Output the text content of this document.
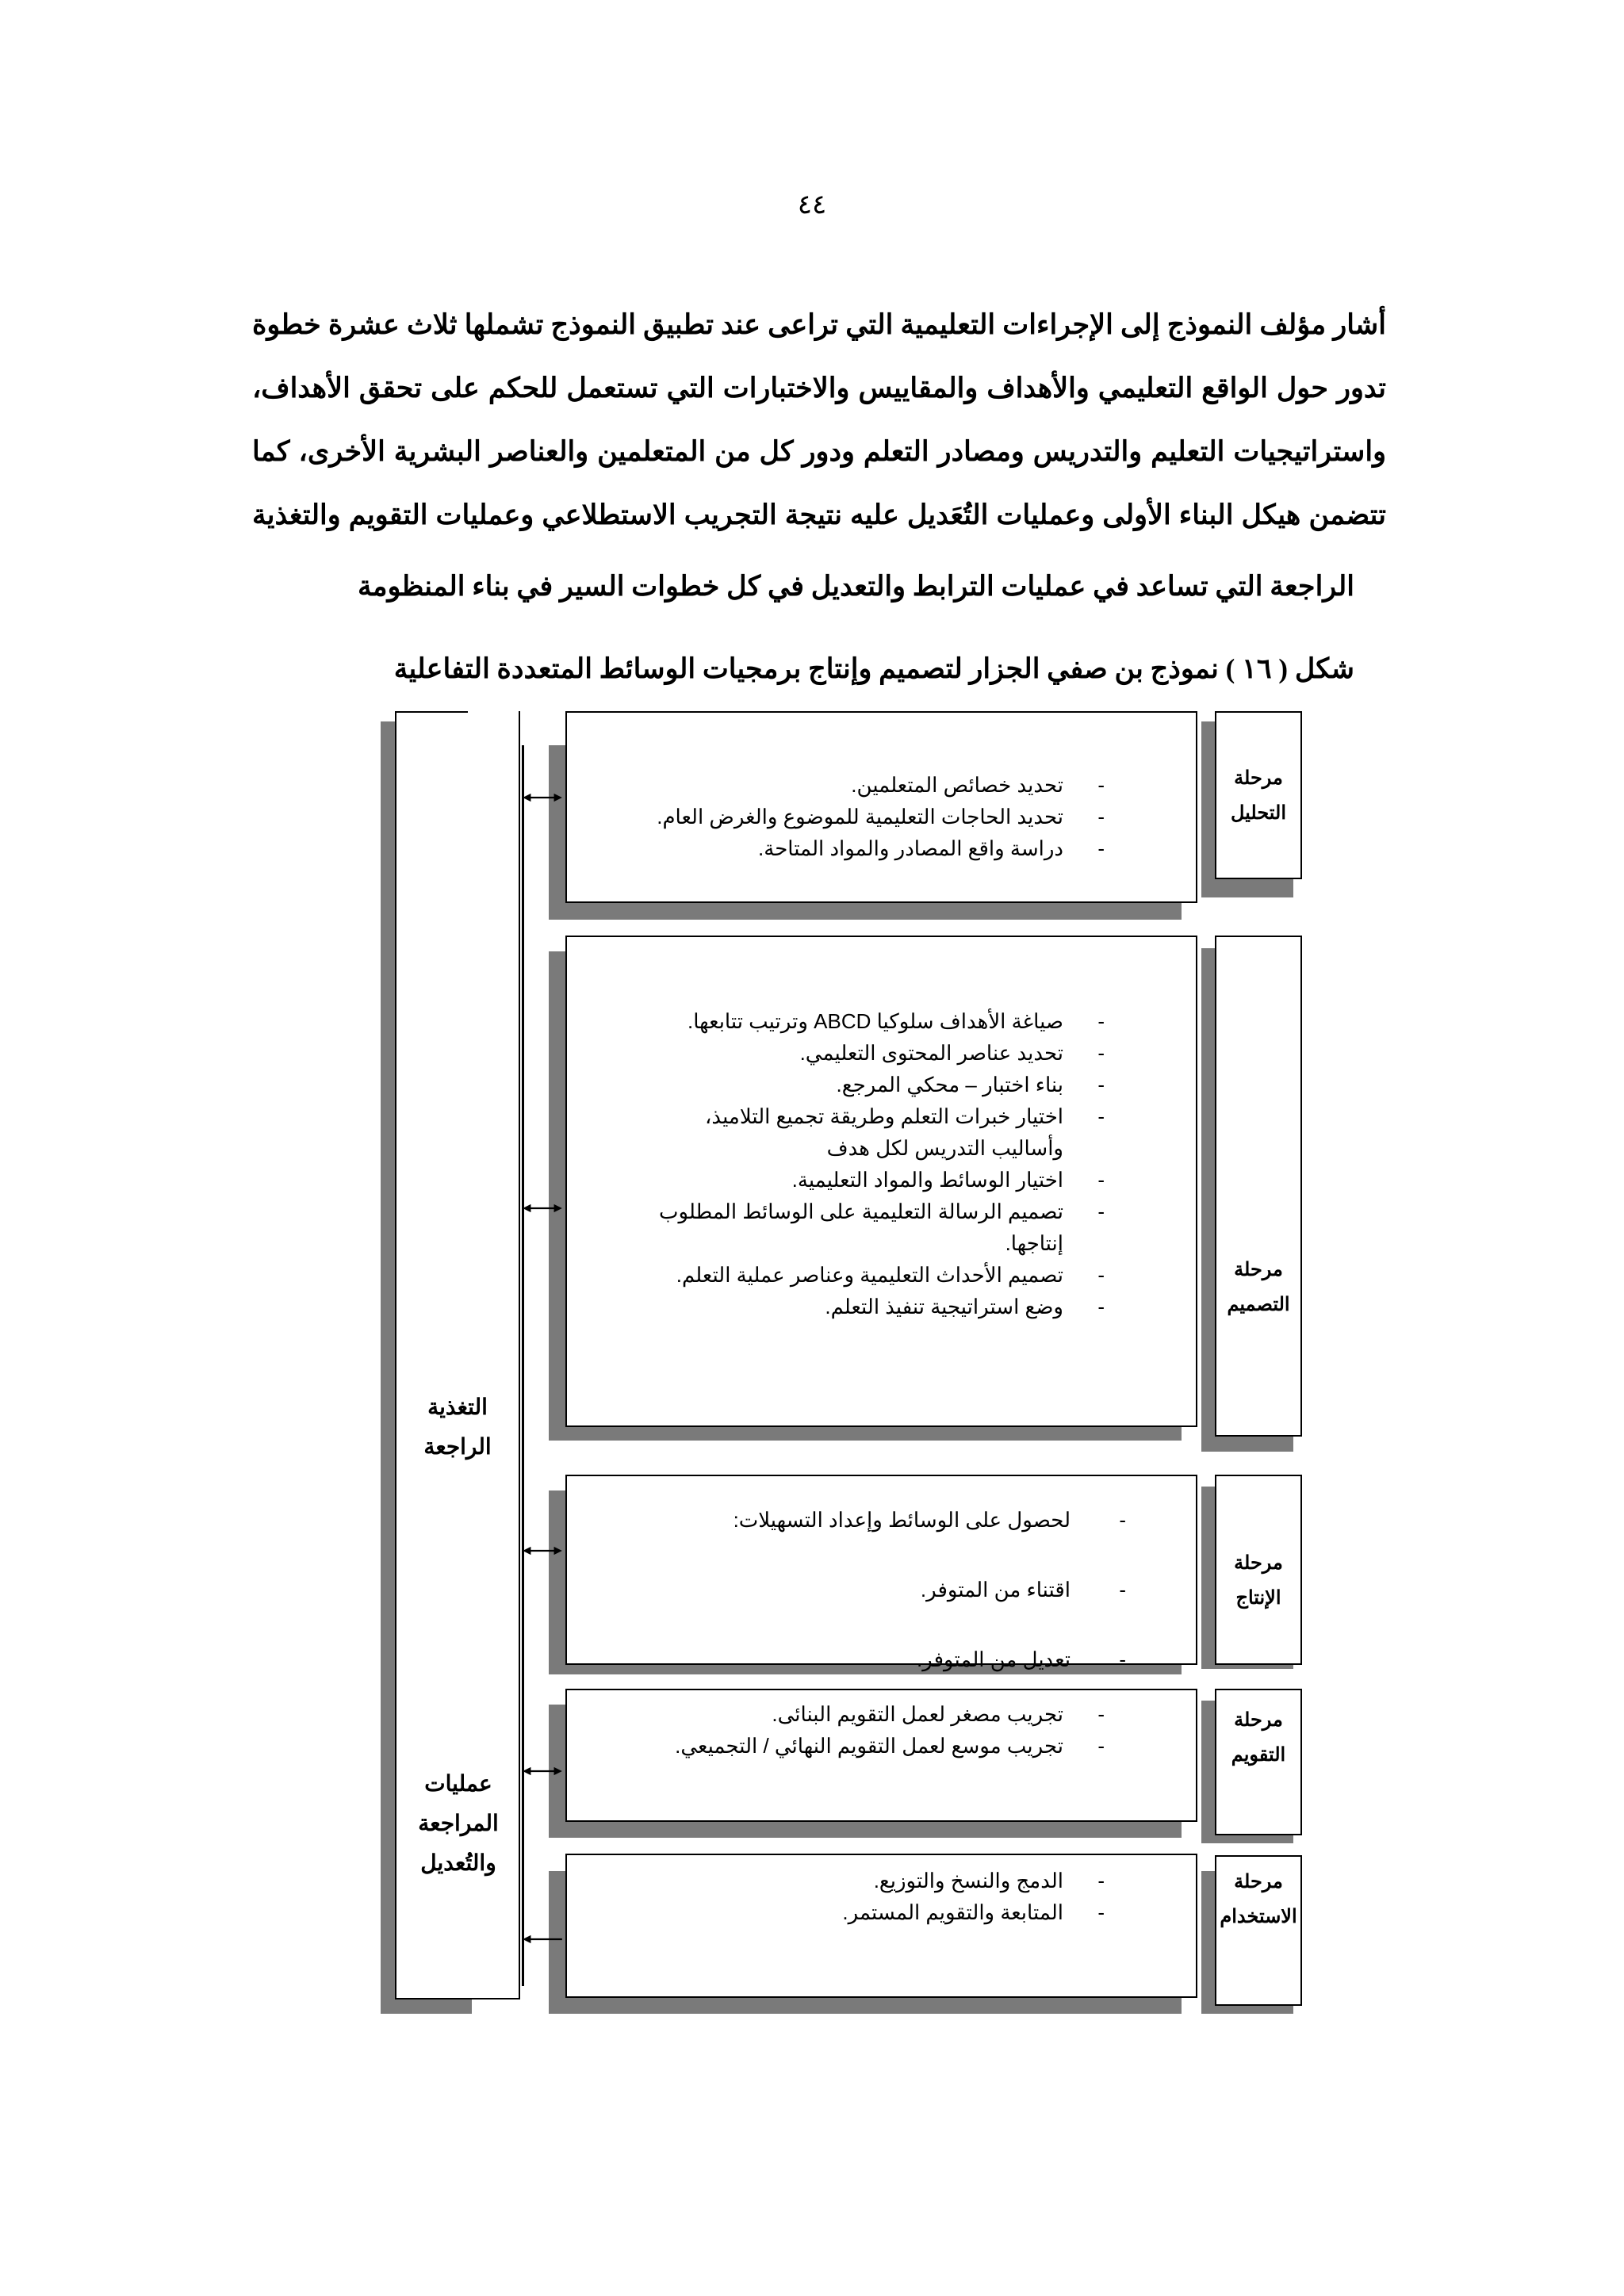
٤٤
أشار مؤلف النموذج إلى الإجراءات التعليمية التي تراعى عند تطبيق النموذج تشملها ثلاث عشرة خطوة
تدور حول الواقع التعليمي والأهداف والمقاييس والاختبارات التي تستعمل للحكم على تحقق الأهداف،
واستراتيجيات التعليم والتدريس ومصادر التعلم ودور كل من المتعلمين والعناصر البشرية الأخرى، كما
تتضمن هيكل البناء الأولى وعمليات التُعَديل عليه نتيجة التجريب الاستطلاعي وعمليات التقويم والتغذية
الراجعة التي تساعد في عمليات الترابط والتعديل في كل خطوات السير في بناء المنظومة
شكل ( ١٦ ) نموذج بن صفي الجزار لتصميم وإنتاج برمجيات الوسائط المتعددة التفاعلية
التغذية الراجعة
عمليات المراجعة والتُعديل
مرحلة التحليل
-
تحديد خصائص المتعلمين.
-
تحديد الحاجات التعليمية للموضوع والغرض العام.
-
دراسة واقع المصادر والمواد المتاحة.
مرحلة التصميم
-
صياغة الأهداف سلوكيا ABCD وترتيب تتابعها.
-
تحديد عناصر المحتوى التعليمي.
-
بناء اختبار – محكي المرجع.
-
اختيار خبرات التعلم وطريقة تجميع التلاميذ، وأساليب التدريس لكل هدف
-
اختيار الوسائط والمواد التعليمية.
-
تصميم الرسالة التعليمية على الوسائط المطلوب إنتاجها.
-
تصميم الأحداث التعليمية وعناصر عملية التعلم.
-
وضع استراتيجية تنفيذ التعلم.
مرحلة الإنتاج
-
لحصول على الوسائط وإعداد التسهيلات:
-
اقتناء من المتوفر.
-
تعديل من المتوفر.
مرحلة التقويم
-
تجريب مصغر لعمل التقويم البنائى.
-
تجريب موسع لعمل التقويم النهائي / التجميعي.
مرحلة الاستخدام
-
الدمج والنسخ والتوزيع.
-
المتابعة والتقويم المستمر.
